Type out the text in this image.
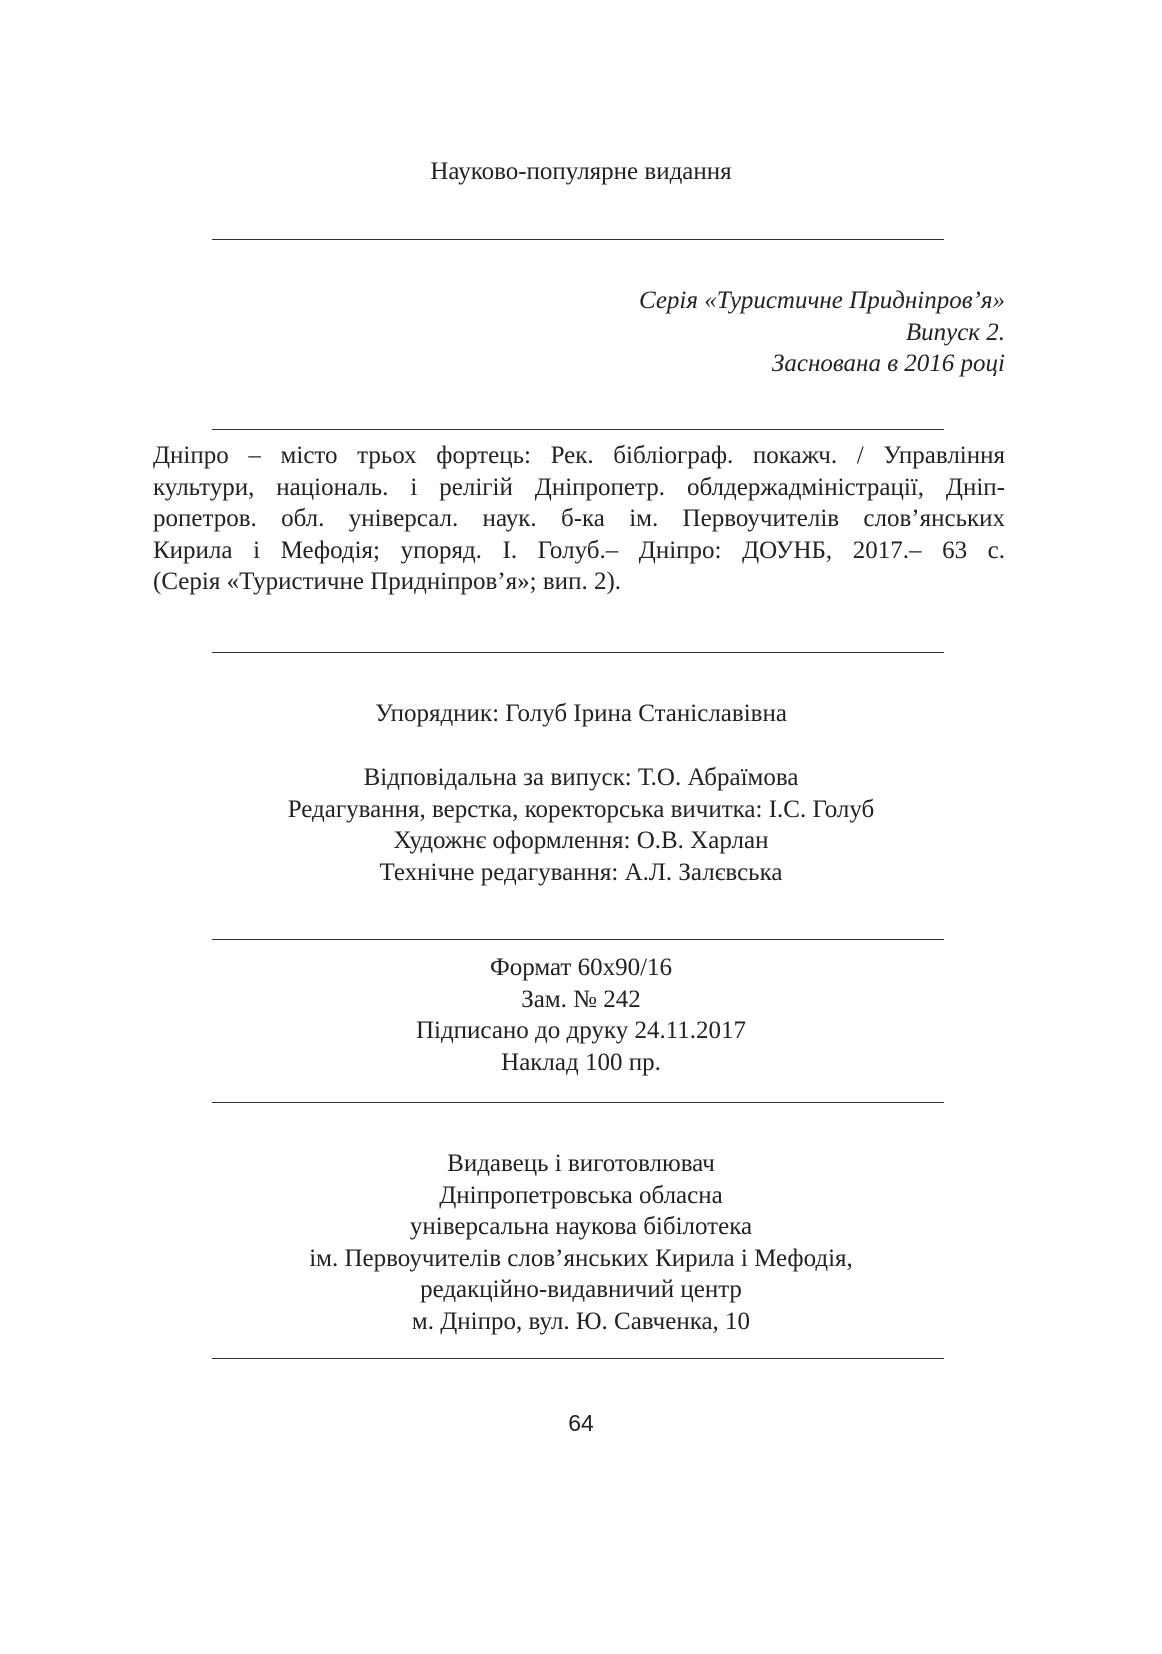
Науково-популярне видання
Серія «Туристичне Придніпров’я»
Випуск 2.
Заснована в 2016 році
Дніпро – місто трьох фортець: Рек. бібліограф. покажч. / Управління
культури, національ. і релігій Дніпропетр. облдержадміністрації, Дніп-
ропетров. обл. універсал. наук. б-ка ім. Первоучителів слов’янських
Кирила і Мефодія; упоряд. І. Голуб.– Дніпро: ДОУНБ, 2017.– 63 с.
(Серія «Туристичне Придніпров’я»; вип. 2).
Упорядник: Голуб Ірина Станіславівна
Відповідальна за випуск: Т.О. Абраїмова
Редагування, верстка, коректорська вичитка: І.С. Голуб
Художнє оформлення: О.В. Харлан
Технічне редагування: А.Л. Залєвська
Формат 60х90/16
Зам. № 242
Підписано до друку 24.11.2017
Наклад 100 пр.
Видавець і виготовлювач
Дніпропетровська обласна
універсальна наукова бібілотека
ім. Первоучителів слов’янських Кирила і Мефодія,
редакційно-видавничий центр
м. Дніпро, вул. Ю. Савченка, 10
64
